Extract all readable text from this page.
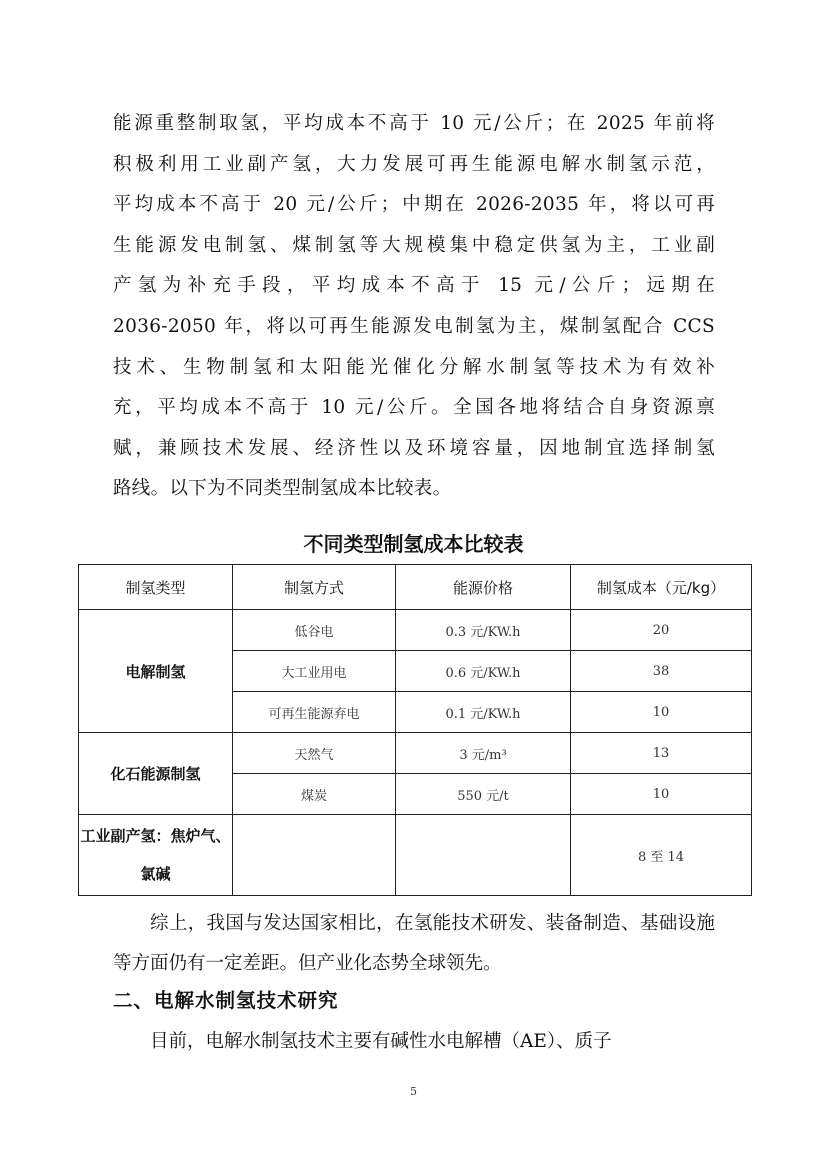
能源重整制取氢，平均成本不高于 10 元/公斤；在 2025 年前将
积极利用工业副产氢，大力发展可再生能源电解水制氢示范，
平均成本不高于 20 元/公斤；中期在 2026-2035 年，将以可再
生能源发电制氢、煤制氢等大规模集中稳定供氢为主，工业副
产氢为补充手段，平均成本不高于 15 元/公斤；远期在
2036-2050 年，将以可再生能源发电制氢为主，煤制氢配合 CCS
技术、生物制氢和太阳能光催化分解水制氢等技术为有效补
充，平均成本不高于 10 元/公斤。全国各地将结合自身资源禀
赋，兼顾技术发展、经济性以及环境容量，因地制宜选择制氢
路线。以下为不同类型制氢成本比较表。
不同类型制氢成本比较表
制氢类型	制氢方式	能源价格	制氢成本（元/kg）
电解制氢	低谷电	0.3 元/KW.h	20
	大工业用电	0.6 元/KW.h	38
	可再生能源弃电	0.1 元/KW.h	10
化石能源制氢	天然气	3 元/m³	13
	煤炭	550 元/t	10

工业副产氢：焦炉气、
氯碱			8 至 14

综上，我国与发达国家相比，在氢能技术研发、装备制造、基础设施等方面仍有一定差距。但产业化态势全球领先。

二、电解水制氢技术研究

目前，电解水制氢技术主要有碱性水电解槽（AE）、质子

5
